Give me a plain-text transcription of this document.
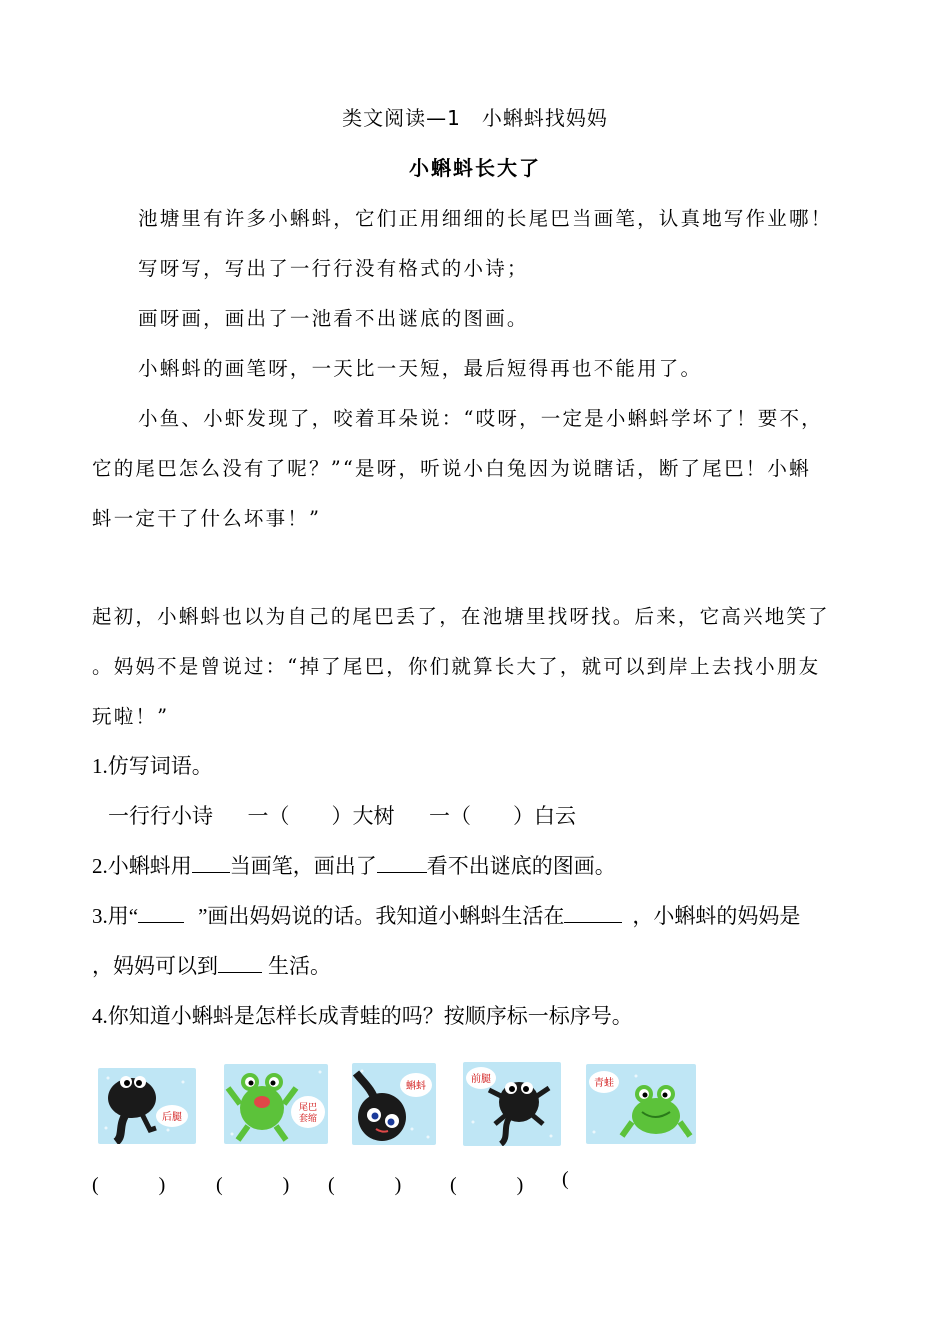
类文阅读—1　小蝌蚪找妈妈
小蝌蚪长大了
池塘里有许多小蝌蚪，它们正用细细的长尾巴当画笔，认真地写作业哪！
写呀写，写出了一行行没有格式的小诗；
画呀画，画出了一池看不出谜底的图画。
小蝌蚪的画笔呀，一天比一天短，最后短得再也不能用了。
小鱼、小虾发现了，咬着耳朵说：“哎呀，一定是小蝌蚪学坏了！要不，
它的尾巴怎么没有了呢？”“是呀，听说小白兔因为说瞎话，断了尾巴！小蝌
蚪一定干了什么坏事！”
起初，小蝌蚪也以为自己的尾巴丢了，在池塘里找呀找。后来，它高兴地笑了
。妈妈不是曾说过：“掉了尾巴，你们就算长大了，就可以到岸上去找小朋友
玩啦！”
1.仿写词语。
一行行小诗 一（　　）大树 一（　　）白云
2.小蝌蚪用 当画笔，画出了 看不出谜底的图画。
3.用“	”画出妈妈说的话。我知道小蝌蚪生活在	，小蝌蚪的妈妈是
，妈妈可以到 生活。
4.你知道小蝌蚪是怎样长成青蛙的吗？按顺序标一标序号。
后腿
尾巴
套缩
蝌蚪
前腿	青蛙
(　　　)	(　　　) (　　　) (　　　) (
